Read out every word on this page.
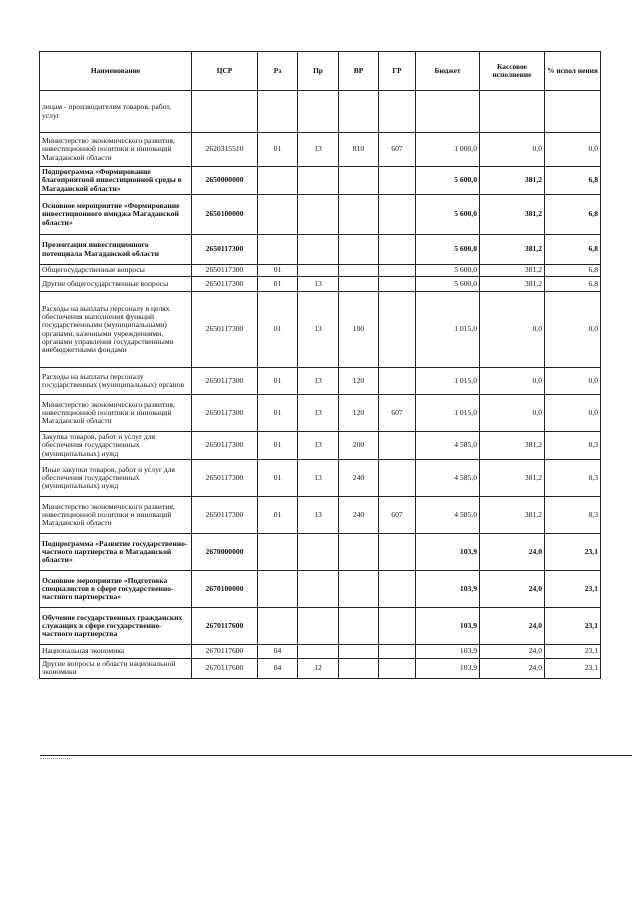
Наименование	ЦСР	Рз	Пр	ВР	ГР	Бюджет	Кассовое исполнение	% испол нения
лицам - производителям товаров, работ, услуг								
Министерство экономического развития, инвестиционной политики и инноваций Магаданской области	2620315510	01	13	810	607	1 000,0	0,0	0,0
Подпрограмма «Формирование благоприятной инвестиционной среды в Магаданской области»	2650000000					5 600,0	381,2	6,8
Основное мероприятие «Формирование инвестиционного имиджа Магаданской области»	2650100000					5 600,0	381,2	6,8
Презентация инвестиционного потенциала Магаданской области	2650117300					5 600,0	381,2	6,8
Общегосударственные вопросы	2650117300	01				5 600,0	381,2	6,8
Другие общегосударственные вопросы	2650117300	01	13			5 600,0	381,2	6,8
Расходы на выплаты персоналу в целях обеспечения выполнения функций государственными (муниципальными) органами, казенными учреждениями, органами управления государственными внебюджетными фондами	2650117300	01	13	100		1 015,0	0,0	0,0
Расходы на выплаты персоналу государственных (муниципальных) органов	2650117300	01	13	120		1 015,0	0,0	0,0
Министерство экономического развития, инвестиционной политики и инноваций Магаданской области	2650117300	01	13	120	607	1 015,0	0,0	0,0
Закупка товаров, работ и услуг для обеспечения государственных (муниципальных) нужд	2650117300	01	13	200		4 585,0	381,2	8,3
Иные закупки товаров, работ и услуг для обеспечения государственных (муниципальных) нужд	2650117300	01	13	240		4 585,0	381,2	8,3
Министерство экономического развития, инвестиционной политики и инноваций Магаданской области	2650117300	01	13	240	607	4 585,0	381,2	8,3
Подпрограмма «Развитие государственно-частного партнерства в Магаданской области»	2670000000					103,9	24,0	23,1
Основное мероприятие «Подготовка специалистов в сфере государственно-частного партнерства»	2670100000					103,9	24,0	23,1
Обучение государственных гражданских служащих в сфере государственно-частного партнерства	2670117600					103,9	24,0	23,1
Национальная экономика	2670117600	04				103,9	24,0	23,1
Другие вопросы в области национальной экономики	2670117600	04	12			103,9	24,0	23,1
